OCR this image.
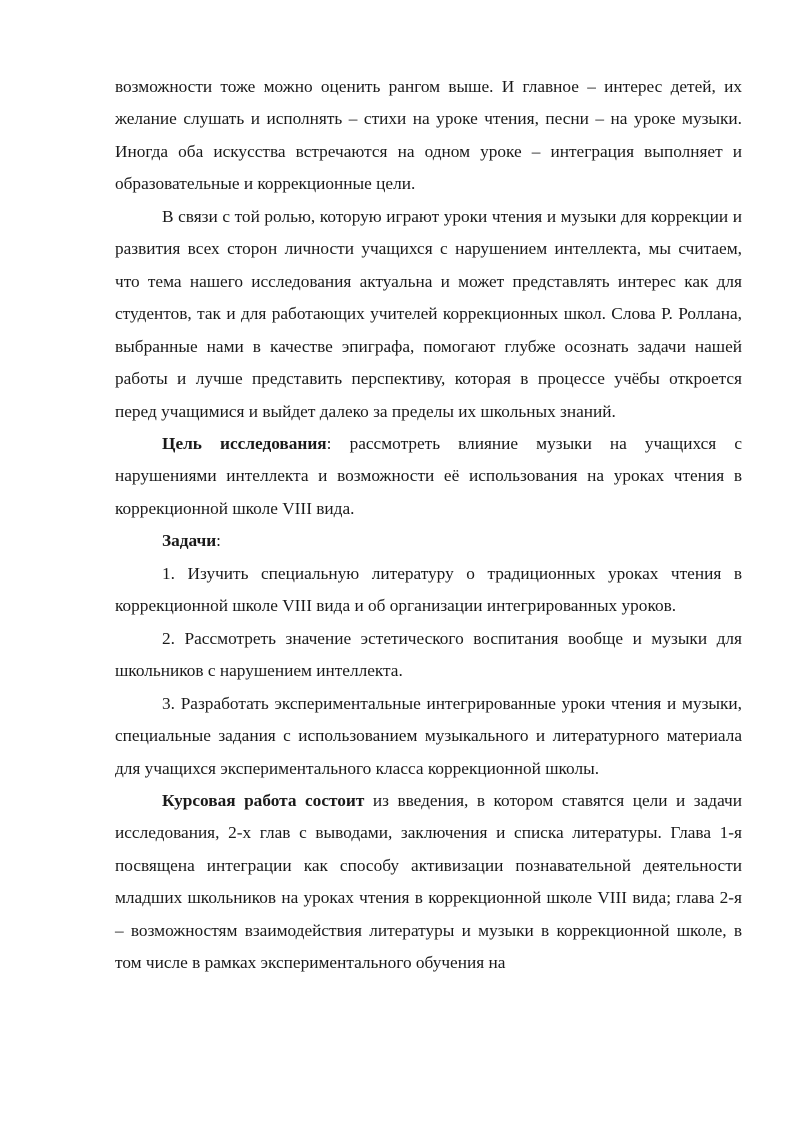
возможности тоже можно оценить рангом выше. И главное – интерес детей, их желание слушать и исполнять – стихи на уроке чтения, песни – на уроке музыки. Иногда оба искусства встречаются на одном уроке – интеграция выполняет и образовательные и коррекционные цели.

В связи с той ролью, которую играют уроки чтения и музыки для коррекции и развития всех сторон личности учащихся с нарушением интеллекта, мы считаем, что тема нашего исследования актуальна и может представлять интерес как для студентов, так и для работающих учителей коррекционных школ. Слова Р. Роллана, выбранные нами в качестве эпиграфа, помогают глубже осознать задачи нашей работы и лучше представить перспективу, которая в процессе учёбы откроется перед учащимися и выйдет далеко за пределы их школьных знаний.

Цель исследования: рассмотреть влияние музыки на учащихся с нарушениями интеллекта и возможности её использования на уроках чтения в коррекционной школе VIII вида.

Задачи:

1. Изучить специальную литературу о традиционных уроках чтения в коррекционной школе VIII вида и об организации интегрированных уроков.

2. Рассмотреть значение эстетического воспитания вообще и музыки для школьников с нарушением интеллекта.

3. Разработать экспериментальные интегрированные уроки чтения и музыки, специальные задания с использованием музыкального и литературного материала для учащихся экспериментального класса коррекционной школы.

Курсовая работа состоит из введения, в котором ставятся цели и задачи исследования, 2-х глав с выводами, заключения и списка литературы. Глава 1-я посвящена интеграции как способу активизации познавательной деятельности младших школьников на уроках чтения в коррекционной школе VIII вида; глава 2-я – возможностям взаимодействия литературы и музыки в коррекционной школе, в том числе в рамках экспериментального обучения на
